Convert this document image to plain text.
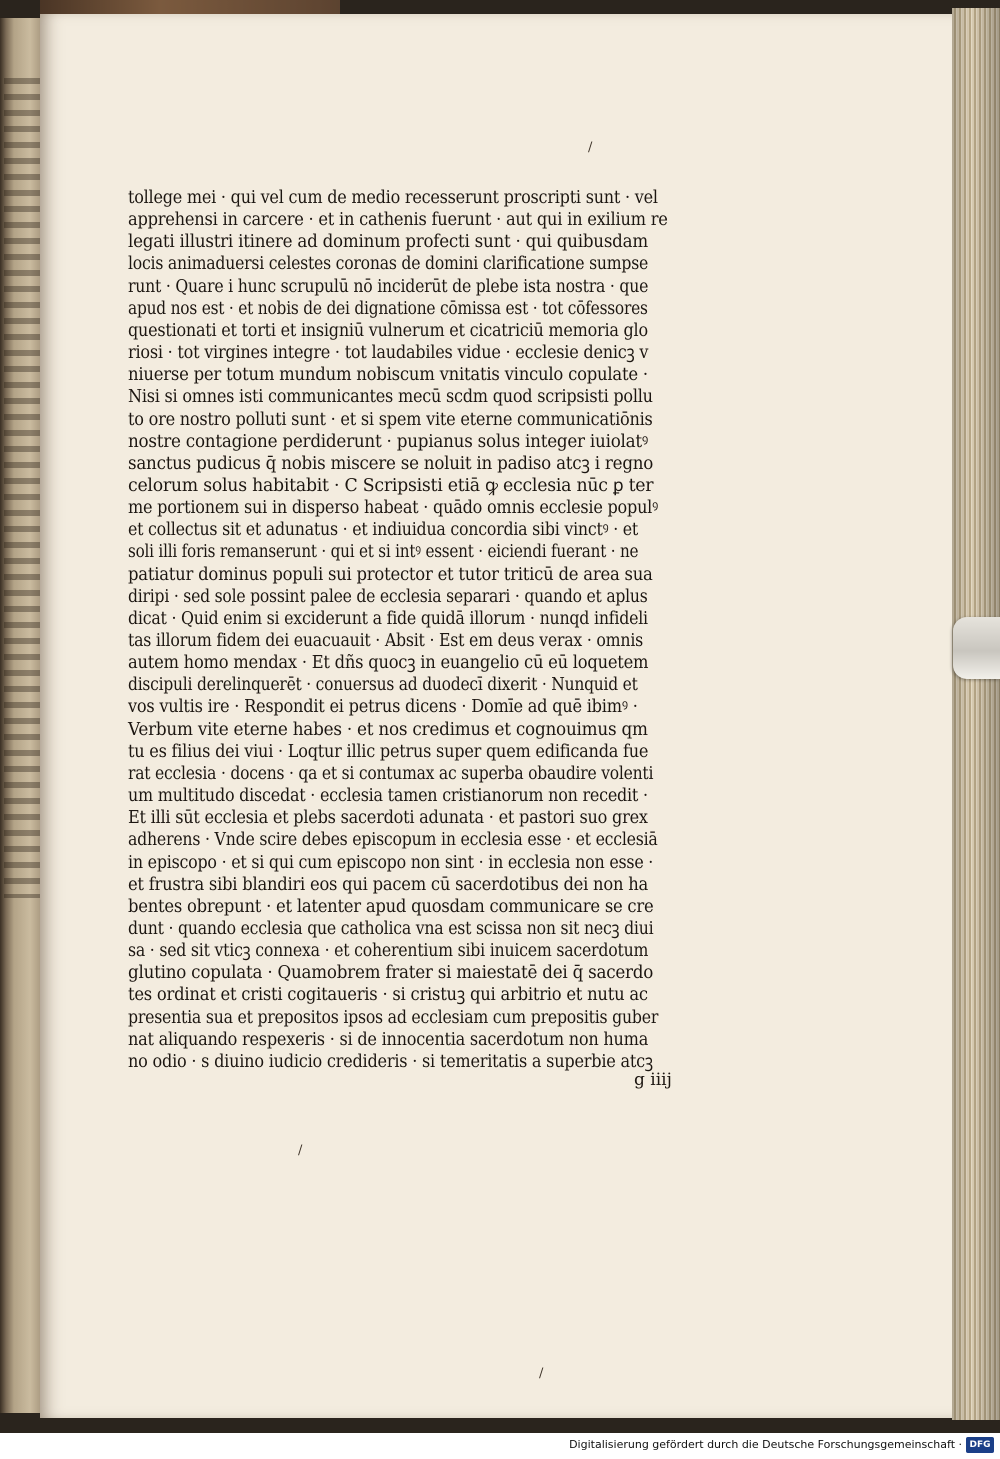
/
/
/
tollege mei · qui vel cum de medio recesserunt proscripti sunt · vel
apprehensi in carcere · et in cathenis fuerunt · aut qui in exilium re
legati illustri itinere ad dominum profecti sunt · qui quibusdam
locis animaduersi celestes coronas de domini clarificatione sumpse
runt · Quare i hunc scrupulū nō inciderūt de plebe ista nostra · que
apud nos est · et nobis de dei dignatione cōmissa est · tot cōfessores
questionati et torti et insigniū vulnerum et cicatriciū memoria glo
riosi · tot virgines integre · tot laudabiles vidue · ecclesie denicꝫ v
niuerse per totum mundum nobiscum vnitatis vinculo copulate ·
Nisi si omnes isti communicantes mecū scdm quod scripsisti pollu
to ore nostro polluti sunt · et si spem vite eterne communicatiōnis
nostre contagione perdiderunt · pupianus solus integer iuiolatꝰ
sanctus pudicus q̄ nobis miscere se noluit in padiso atcꝫ i regno
celorum solus habitabit · C Scripsisti etiā ꝙ ecclesia nūc ꝑ ter
me portionem sui in disperso habeat · quādo omnis ecclesie populꝰ
et collectus sit et adunatus · et indiuidua concordia sibi vinctꝰ · et
soli illi foris remanserunt · qui et si intꝰ essent · eiciendi fuerant · ne
patiatur dominus populi sui protector et tutor triticū de area sua
diripi · sed sole possint palee de ecclesia separari · quando et aplus
dicat · Quid enim si exciderunt a fide quidā illorum · nunqd infideli
tas illorum fidem dei euacuauit · Absit · Est em deus verax · omnis
autem homo mendax · Et dñs quocꝫ in euangelio cū eū loquetem
discipuli derelinquerēt · conuersus ad duodecī dixerit · Nunquid et
vos vultis ire · Respondit ei petrus dicens · Domīe ad quē ibimꝰ ·
Verbum vite eterne habes · et nos credimus et cognouimus qm
tu es filius dei viui · Loqtur illic petrus super quem edificanda fue
rat ecclesia · docens · qa et si contumax ac superba obaudire volenti
um multitudo discedat · ecclesia tamen cristianorum non recedit ·
Et illi sūt ecclesia et plebs sacerdoti adunata · et pastori suo grex
adherens · Vnde scire debes episcopum in ecclesia esse · et ecclesiā
in episcopo · et si qui cum episcopo non sint · in ecclesia non esse ·
et frustra sibi blandiri eos qui pacem cū sacerdotibus dei non ha
bentes obrepunt · et latenter apud quosdam communicare se cre
dunt · quando ecclesia que catholica vna est scissa non sit necꝫ diui
sa · sed sit vticꝫ connexa · et coherentium sibi inuicem sacerdotum
glutino copulata · Quamobrem frater si maiestatē dei q̄ sacerdo
tes ordinat et cristi cogitaueris · si cristuꝫ qui arbitrio et nutu ac
presentia sua et prepositos ipsos ad ecclesiam cum prepositis guber
nat aliquando respexeris · si de innocentia sacerdotum non huma
no odio · s diuino iudicio credideris · si temeritatis a superbie atcꝫ
g iiij
Digitalisierung gefördert durch die Deutsche Forschungsgemeinschaft · DFG
